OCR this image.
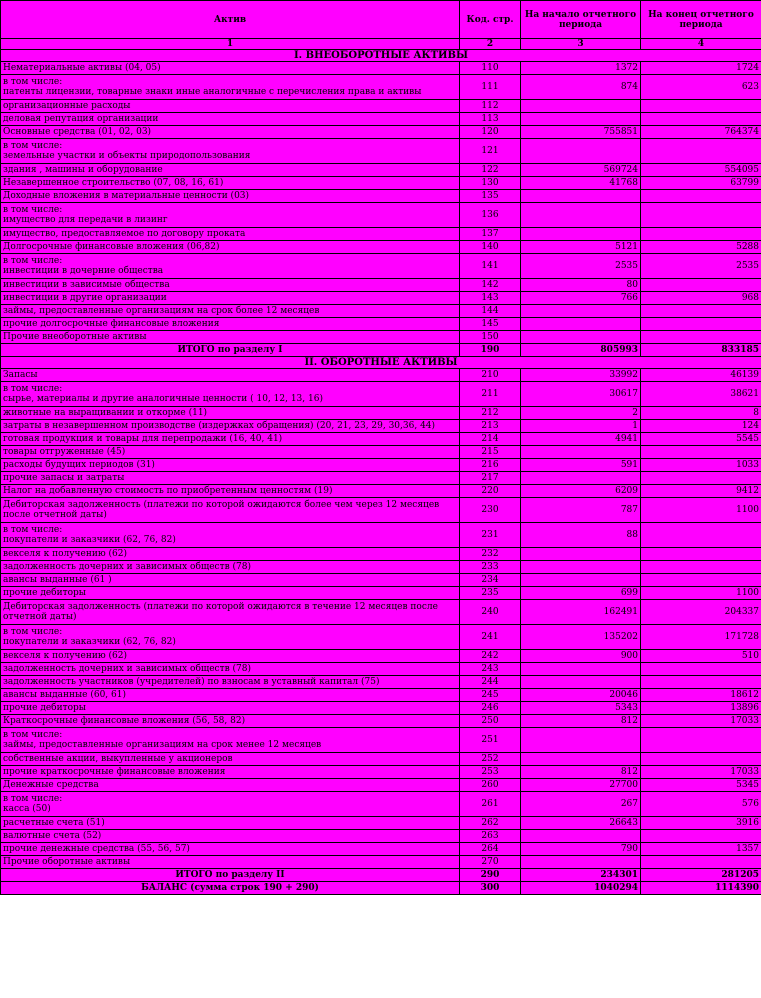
Актив	Код. стр.	На начало отчетного периода	На конец отчетного периода
1	2	3	4
I. ВНЕОБОРОТНЫЕ АКТИВЫ			

Нематериальные активы (04, 05)	110	1372	1724

в том числе:
патенты лицензии, товарные знаки иные аналогичные с перечисления права и активы	111	874	623

организационные расходы	112		

деловая репутация организации	113		

Основные средства (01, 02, 03)	120	755851	764374

в том числе:
земельные участки и объекты природопользования	121		

здания , машины и оборудование	122	569724	554095

Незавершенное строительство (07, 08, 16, 61)	130	41768	63799

Доходные вложения в материальные ценности (03)	135		

в том числе:
имущество для передачи в лизинг	136		

имущество, предоставляемое по договору проката	137		

Долгосрочные финансовые вложения (06,82)	140	5121	5288

в том числе:
инвестиции в дочерние общества	141	2535	2535

инвестиции в зависимые общества	142	80	

инвестиции в другие организации	143	766	968

займы, предоставленные организациям на срок более 12 месяцев	144		

прочие долгосрочные финансовые вложения	145		

Прочие внеоборотные активы	150		
ИТОГО по разделу I	190	805993	833185
II. ОБОРОТНЫЕ АКТИВЫ			

Запасы	210	33992	46139

в том числе:
сырье, материалы и другие аналогичные ценности ( 10, 12, 13, 16)	211	30617	38621

животные на выращивании и откорме (11)	212	2	8

затраты в незавершенном производстве (издержках обращения) (20, 21, 23, 29, 30,36, 44)	213	1	124

готовая продукция и товары для перепродажи (16, 40, 41)	214	4941	5545

товары отгруженные (45)	215		

расходы будущих периодов (31)	216	591	1033

прочие запасы и затраты	217		

Налог на добавленную стоимость по приобретенным ценностям (19)	220	6209	9412

Дебиторская задолженность (платежи по которой ожидаются более чем через 12 месяцев
после отчетной даты)	230	787	1100

в том числе:
покупатели и заказчики (62, 76, 82)	231	88	

векселя к получению (62)	232		

задолженность дочерних и зависимых обществ (78)	233		

авансы выданные (61 )	234		

прочие дебиторы	235	699	1100

Дебиторская задолженность (платежи по которой ожидаются в течение 12 месяцев после
отчетной даты)	240	162491	204337

в том числе:
покупатели и заказчики (62, 76, 82)	241	135202	171728

векселя к получению (62)	242	900	510

задолженность дочерних и зависимых обществ (78)	243		

задолженность участников (учредителей) по взносам в уставный капитал (75)	244		

авансы выданные (60, 61)	245	20046	18612

прочие дебиторы	246	5343	13896

Краткосрочные финансовые вложения (56, 58, 82)	250	812	17033

в том числе:
займы, предоставленные организациям на срок менее 12 месяцев	251		

собственные акции, выкупленные у акционеров	252		

прочие краткосрочные финансовые вложения	253	812	17033

Денежные средства	260	27700	5345

в том числе:
касса (50)	261	267	576

расчетные счета (51)	262	26643	3916

валютные счета (52)	263		

прочие денежные средства (55, 56, 57)	264	790	1357

Прочие оборотные активы	270		
ИТОГО по разделу II	290	234301	281205
БАЛАНС (сумма строк 190 + 290)	300	1040294	1114390
